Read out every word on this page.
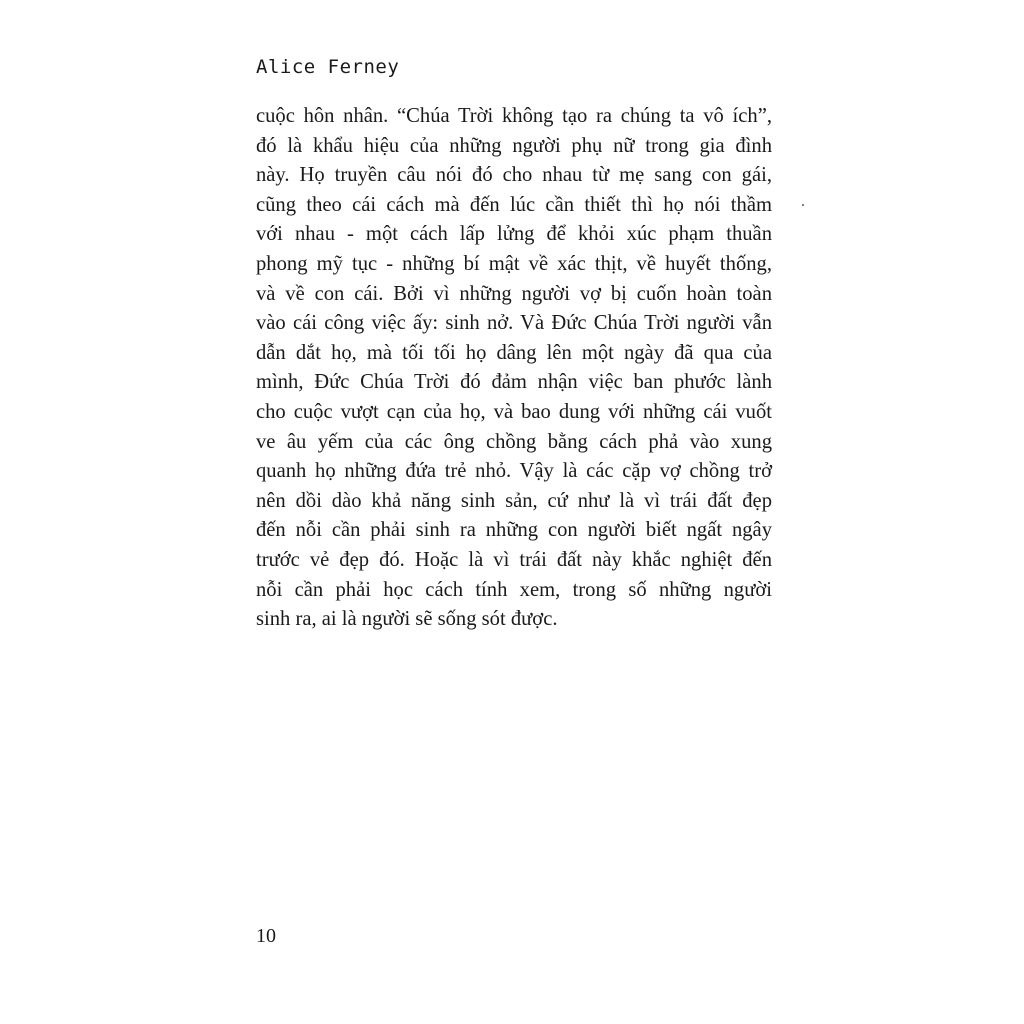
Alice Ferney
cuộc hôn nhân. “Chúa Trời không tạo ra chúng ta vô ích”,
đó là khẩu hiệu của những người phụ nữ trong gia đình
này. Họ truyền câu nói đó cho nhau từ mẹ sang con gái,
cũng theo cái cách mà đến lúc cần thiết thì họ nói thầm
với nhau - một cách lấp lửng để khỏi xúc phạm thuần
phong mỹ tục - những bí mật về xác thịt, về huyết thống,
và về con cái. Bởi vì những người vợ bị cuốn hoàn toàn
vào cái công việc ấy: sinh nở. Và Đức Chúa Trời người vẫn
dẫn dắt họ, mà tối tối họ dâng lên một ngày đã qua của
mình, Đức Chúa Trời đó đảm nhận việc ban phước lành
cho cuộc vượt cạn của họ, và bao dung với những cái vuốt
ve âu yếm của các ông chồng bằng cách phả vào xung
quanh họ những đứa trẻ nhỏ. Vậy là các cặp vợ chồng trở
nên dồi dào khả năng sinh sản, cứ như là vì trái đất đẹp
đến nỗi cần phải sinh ra những con người biết ngất ngây
trước vẻ đẹp đó. Hoặc là vì trái đất này khắc nghiệt đến
nỗi cần phải học cách tính xem, trong số những người
sinh ra, ai là người sẽ sống sót được.
10
